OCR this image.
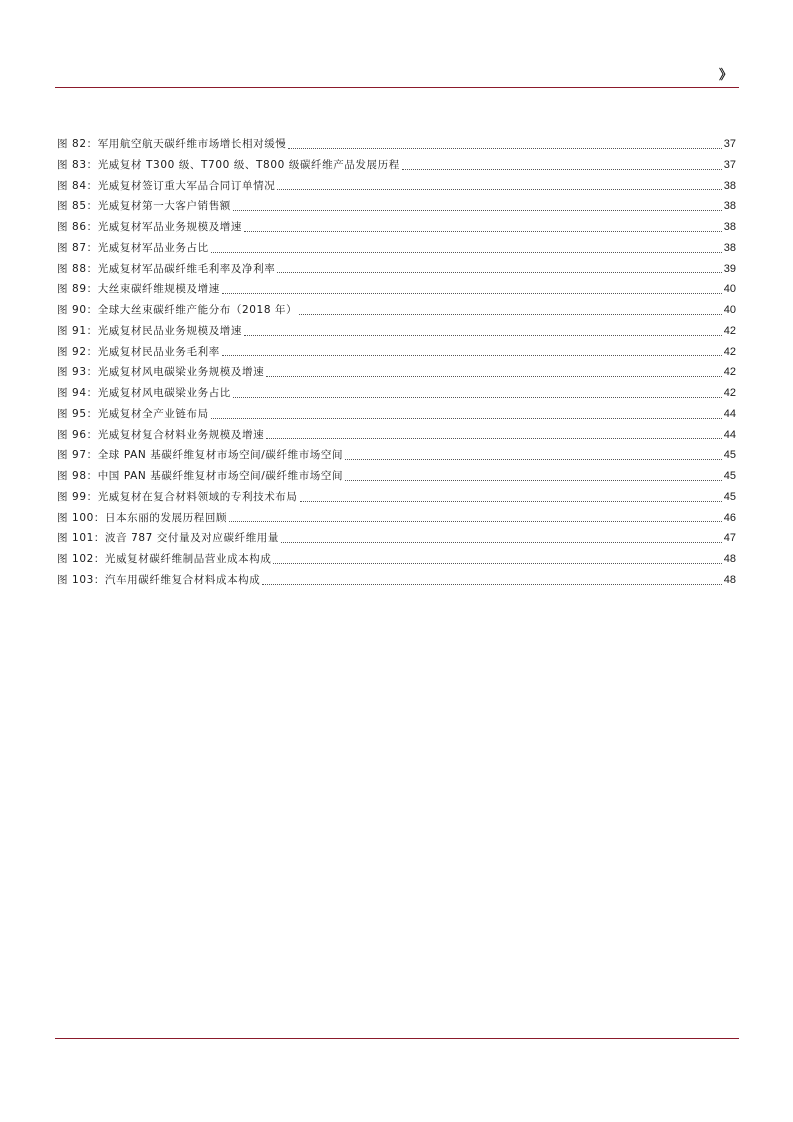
》
图 82：军用航空航天碳纤维市场增长相对缓慢	37
图 83：光威复材 T300 级、T700 级、T800 级碳纤维产品发展历程	37
图 84：光威复材签订重大军品合同订单情况	38
图 85：光威复材第一大客户销售额	38
图 86：光威复材军品业务规模及增速	38
图 87：光威复材军品业务占比	38
图 88：光威复材军品碳纤维毛利率及净利率	39
图 89：大丝束碳纤维规模及增速	40
图 90：全球大丝束碳纤维产能分布（2018 年）	40
图 91：光威复材民品业务规模及增速	42
图 92：光威复材民品业务毛利率	42
图 93：光威复材风电碳梁业务规模及增速	42
图 94：光威复材风电碳梁业务占比	42
图 95：光威复材全产业链布局	44
图 96：光威复材复合材料业务规模及增速	44
图 97：全球 PAN 基碳纤维复材市场空间/碳纤维市场空间	45
图 98：中国 PAN 基碳纤维复材市场空间/碳纤维市场空间	45
图 99：光威复材在复合材料领域的专利技术布局	45
图 100：日本东丽的发展历程回顾	46
图 101：波音 787 交付量及对应碳纤维用量	47
图 102：光威复材碳纤维制品营业成本构成	48
图 103：汽车用碳纤维复合材料成本构成	48
